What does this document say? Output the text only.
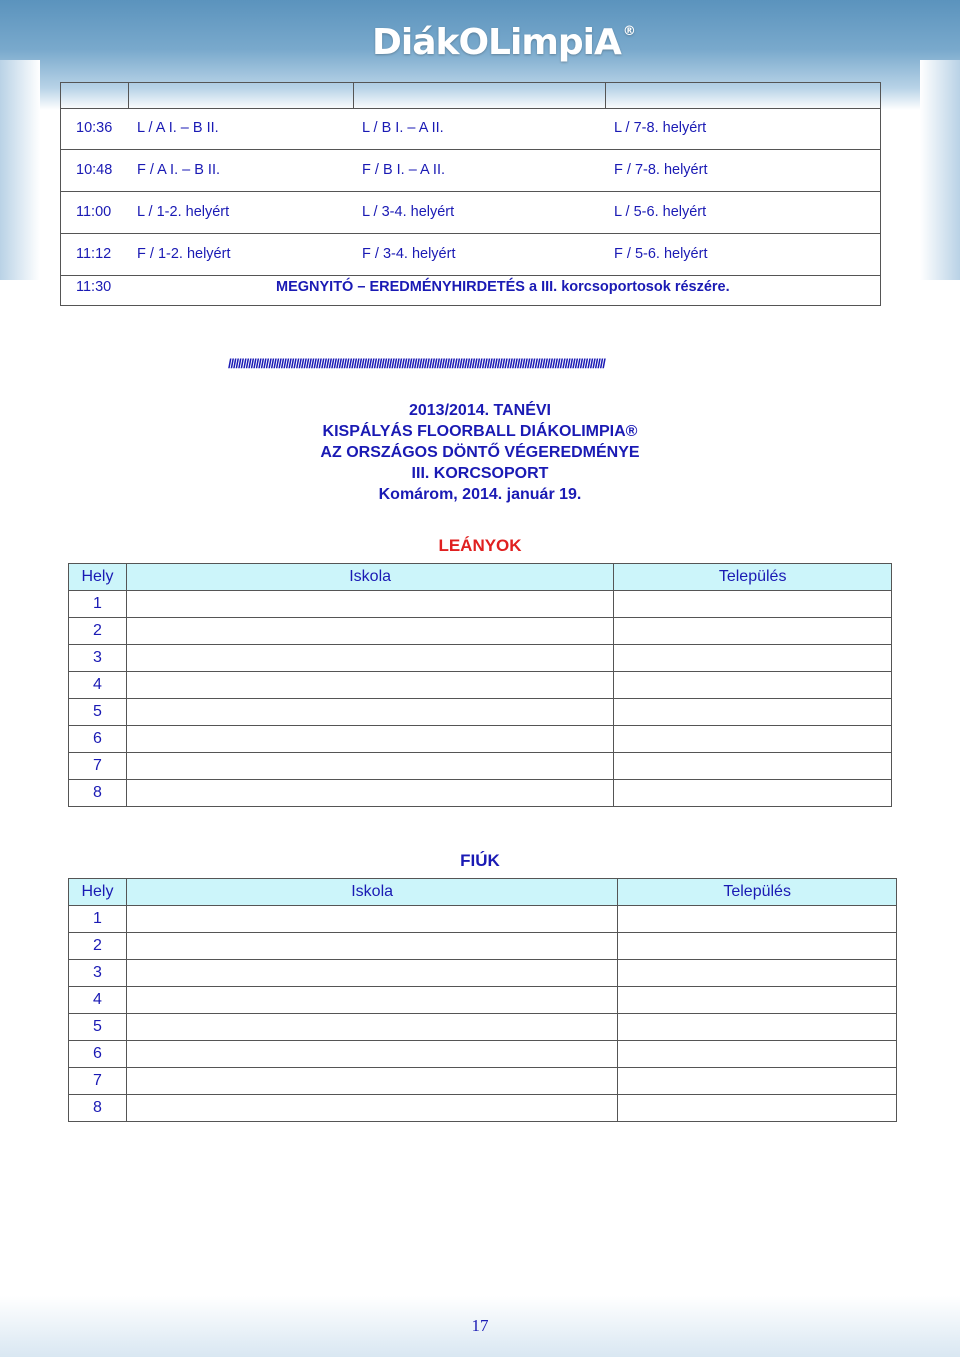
DiákOLimpiA ®
10:36 L / A I. – B II.	L / B I. – A II.	L / 7-8. helyért
10:48 F / A I. – B II.	F / B I. – A II.	F / 7-8. helyért
11:00 L / 1-2. helyért	L / 3-4. helyért	L / 5-6. helyért
11:12 F / 1-2. helyért	F / 3-4. helyért	F / 5-6. helyért
11:30	MEGNYITÓ – EREDMÉNYHIRDETÉS a III. korcsoportosok részére.
//////////////////////////////////////////////////////////////////////////////////////////////////////////////////////////////////////////////////////
2013/2014. TANÉVI
KISPÁLYÁS FLOORBALL DIÁKOLIMPIA®
AZ ORSZÁGOS DÖNTŐ VÉGEREDMÉNYE
III. KORCSOPORT
Komárom, 2014. január 19.
LEÁNYOK
Hely	Iskola	Település
1		
2		
3		
4		
5		
6		
7		
8		
FIÚK
Hely	Iskola	Település
1		
2		
3		
4		
5		
6		
7		
8		
17
